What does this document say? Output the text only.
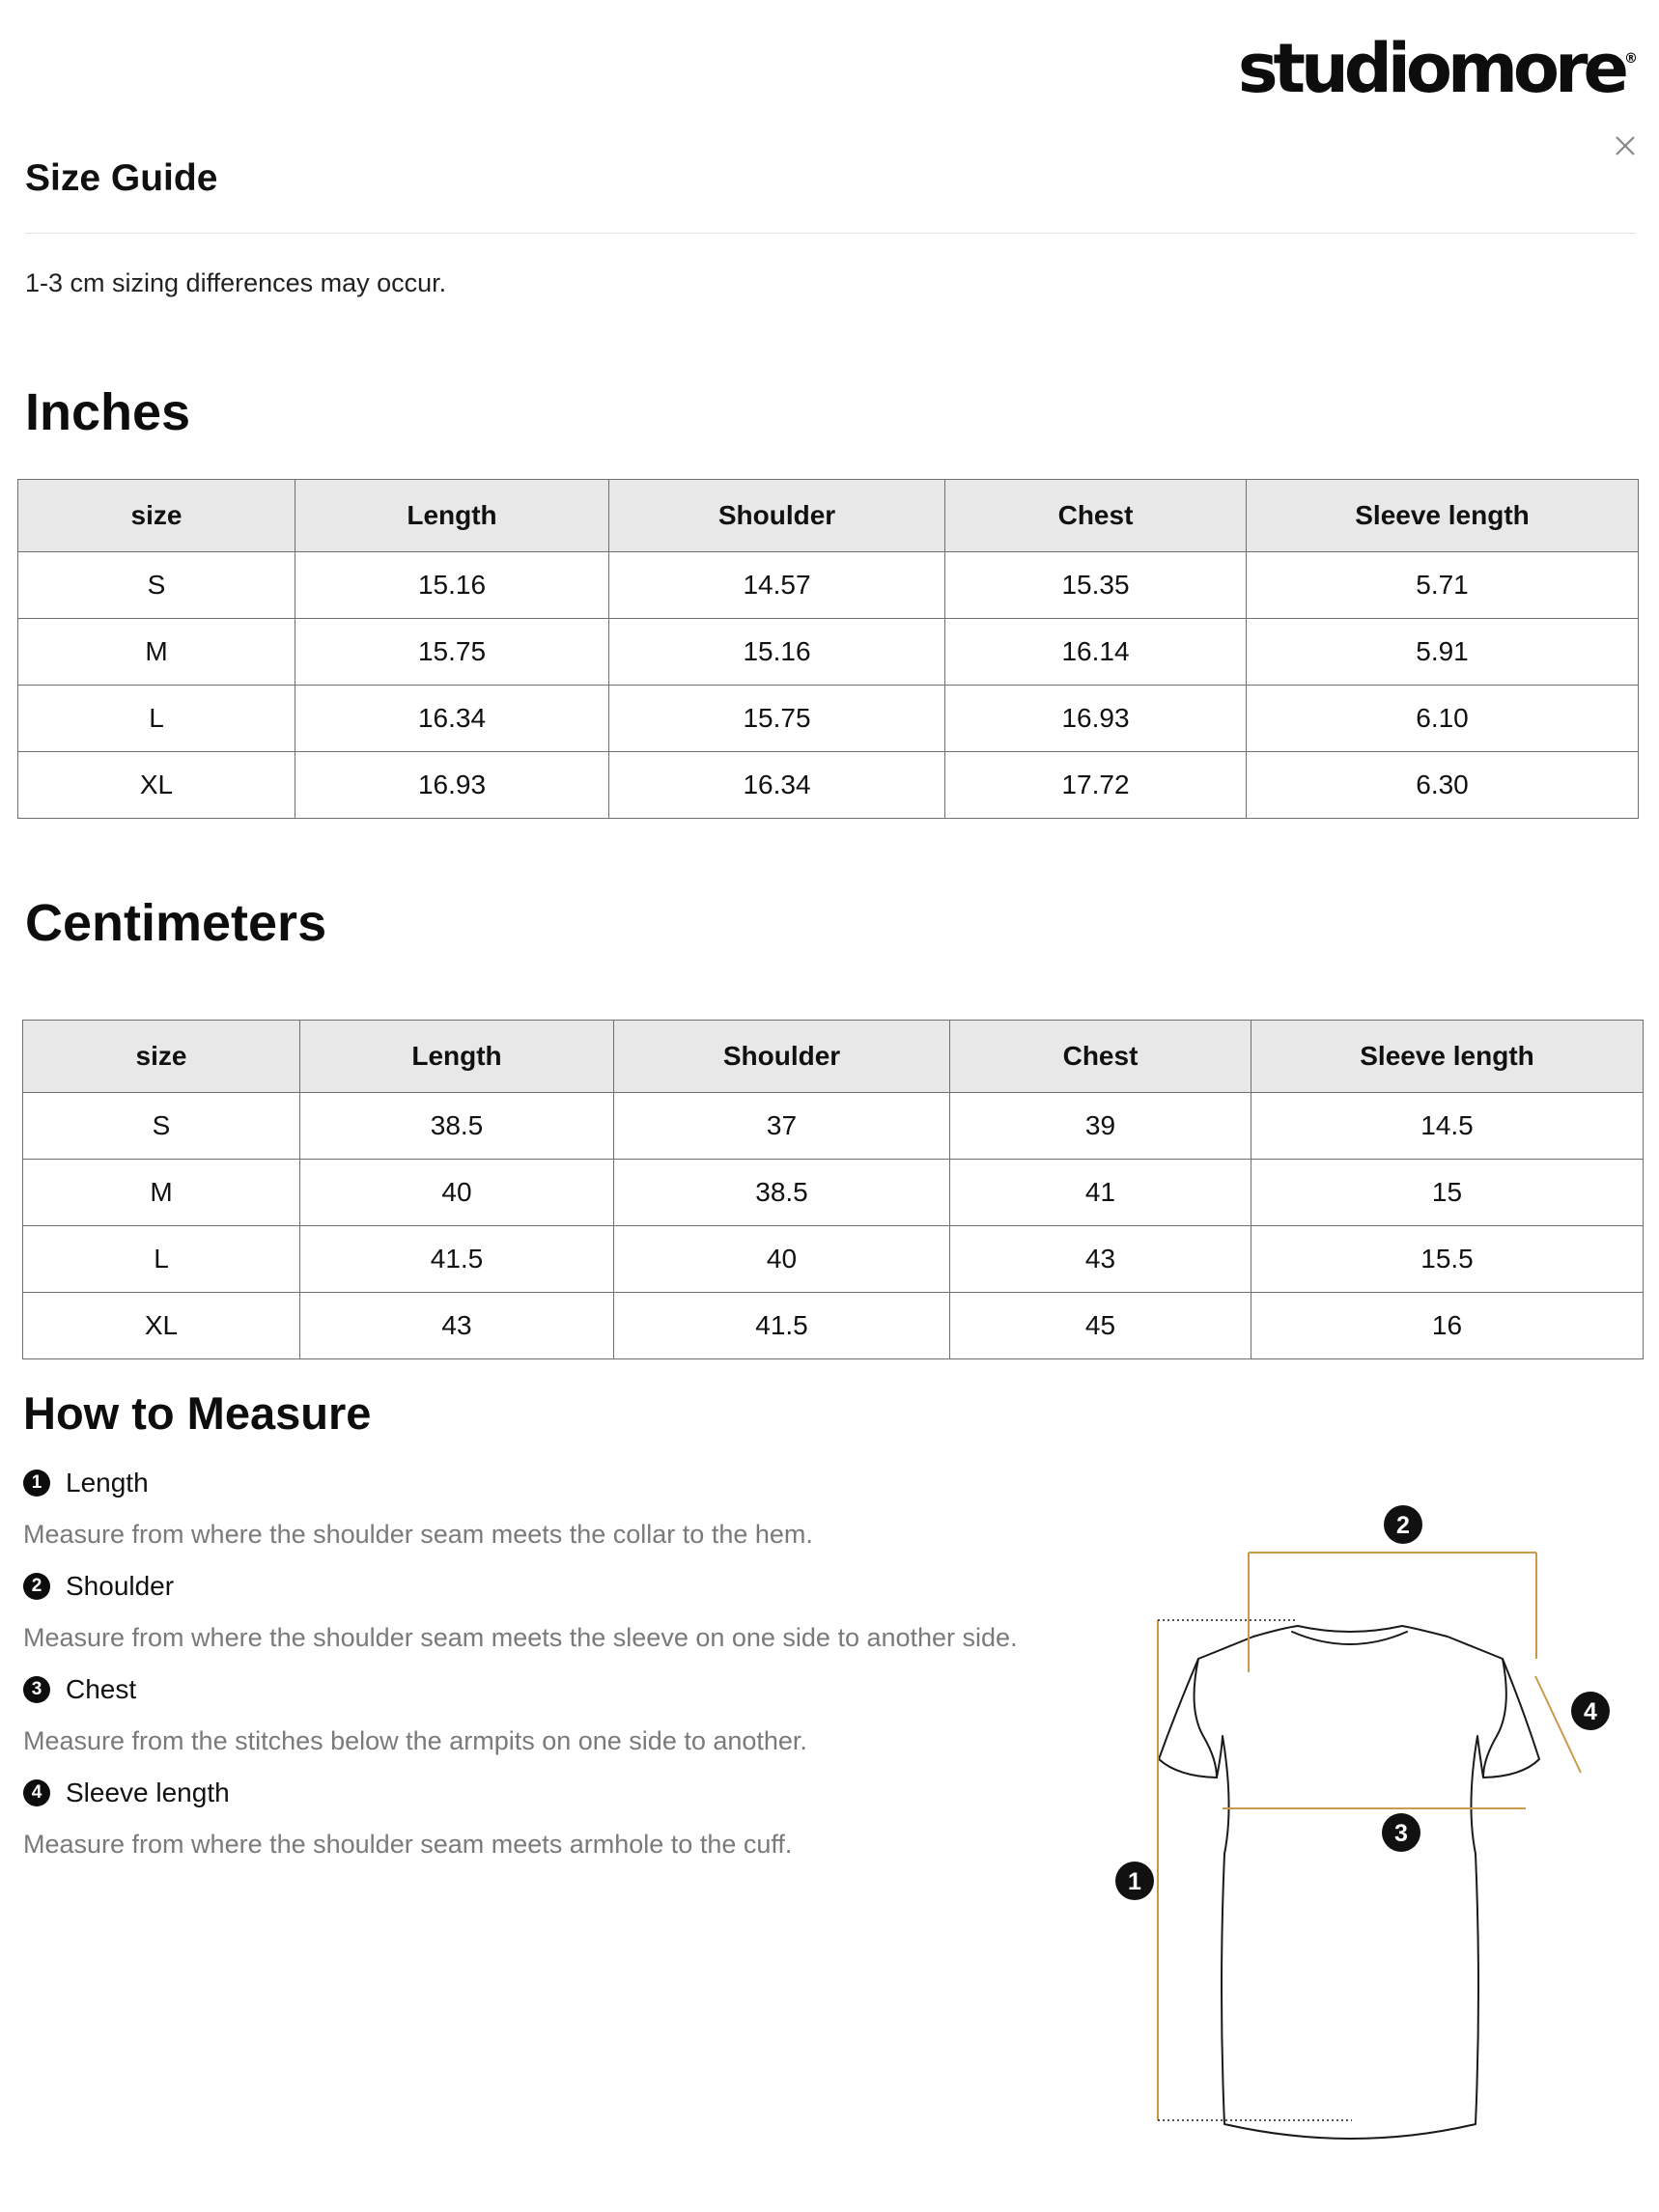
studiomore®
Size Guide
1-3 cm sizing differences may occur.
Inches
size	Length	Shoulder	Chest	Sleeve length
S	15.16	14.57	15.35	5.71
M	15.75	15.16	16.14	5.91
L	16.34	15.75	16.93	6.10
XL	16.93	16.34	17.72	6.30
Centimeters
size	Length	Shoulder	Chest	Sleeve length
S	38.5	37	39	14.5
M	40	38.5	41	15
L	41.5	40	43	15.5
XL	43	41.5	45	16
How to Measure
1 Length
Measure from where the shoulder seam meets the collar to the hem.
2 Shoulder
Measure from where the shoulder seam meets the sleeve on one side to another side.
3 Chest
Measure from the stitches below the armpits on one side to another.
4 Sleeve length
Measure from where the shoulder seam meets armhole to the cuff.
1
2
3
4
